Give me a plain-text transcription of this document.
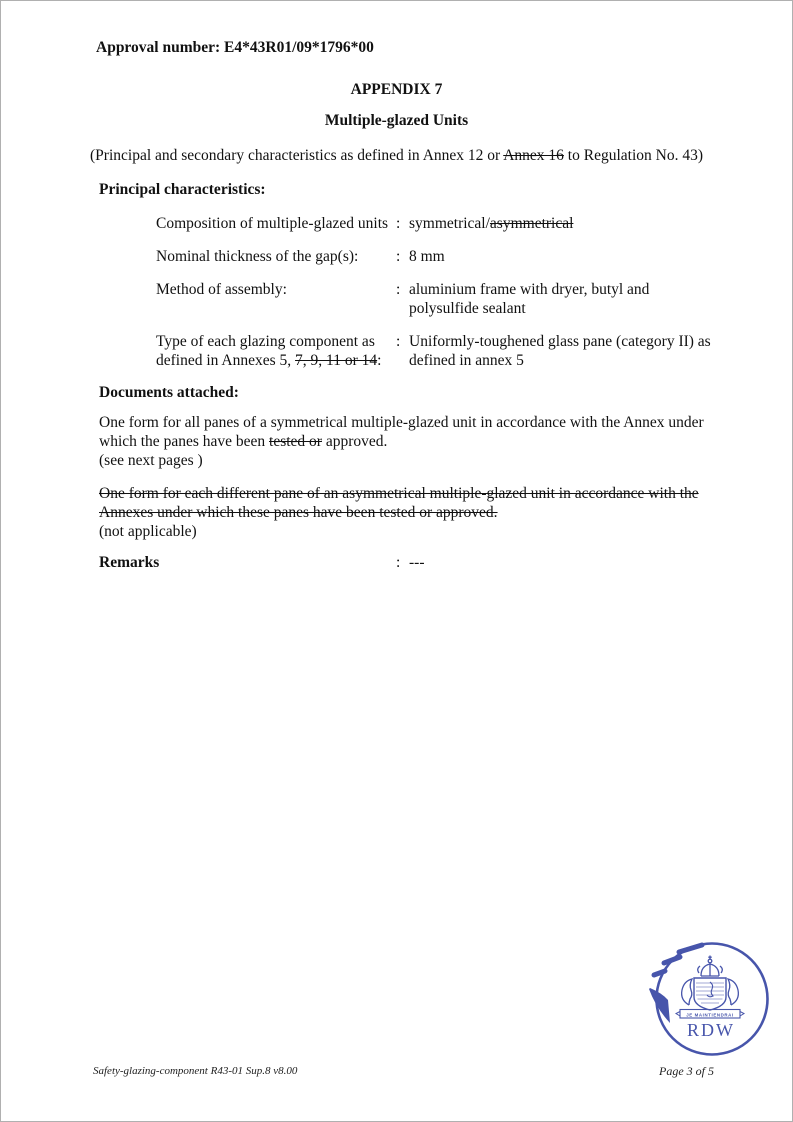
Approval number: E4*43R01/09*1796*00
APPENDIX 7
Multiple-glazed Units
(Principal and secondary characteristics as defined in Annex 12 or Annex 16 to Regulation No. 43)
Principal characteristics:
Composition of multiple-glazed units : symmetrical/asymmetrical
Nominal thickness of the gap(s):	: 8 mm
Method of assembly:	: aluminium frame with dryer, butyl and
polysulfide sealant
Type of each glazing component as
defined in Annexes 5, 7, 9, 11 or 14:
: Uniformly-toughened glass pane (category II) as
defined in annex 5
Documents attached:
One form for all panes of a symmetrical multiple-glazed unit in accordance with the Annex under
which the panes have been tested or approved.
(see next pages )
One form for each different pane of an asymmetrical multiple-glazed unit in accordance with the
Annexes under which these panes have been tested or approved.
(not applicable)
Remarks	: ---
JE MAINTIENDRAI
RDW
Safety-glazing-component R43-01 Sup.8 v8.00	Page 3 of 5
